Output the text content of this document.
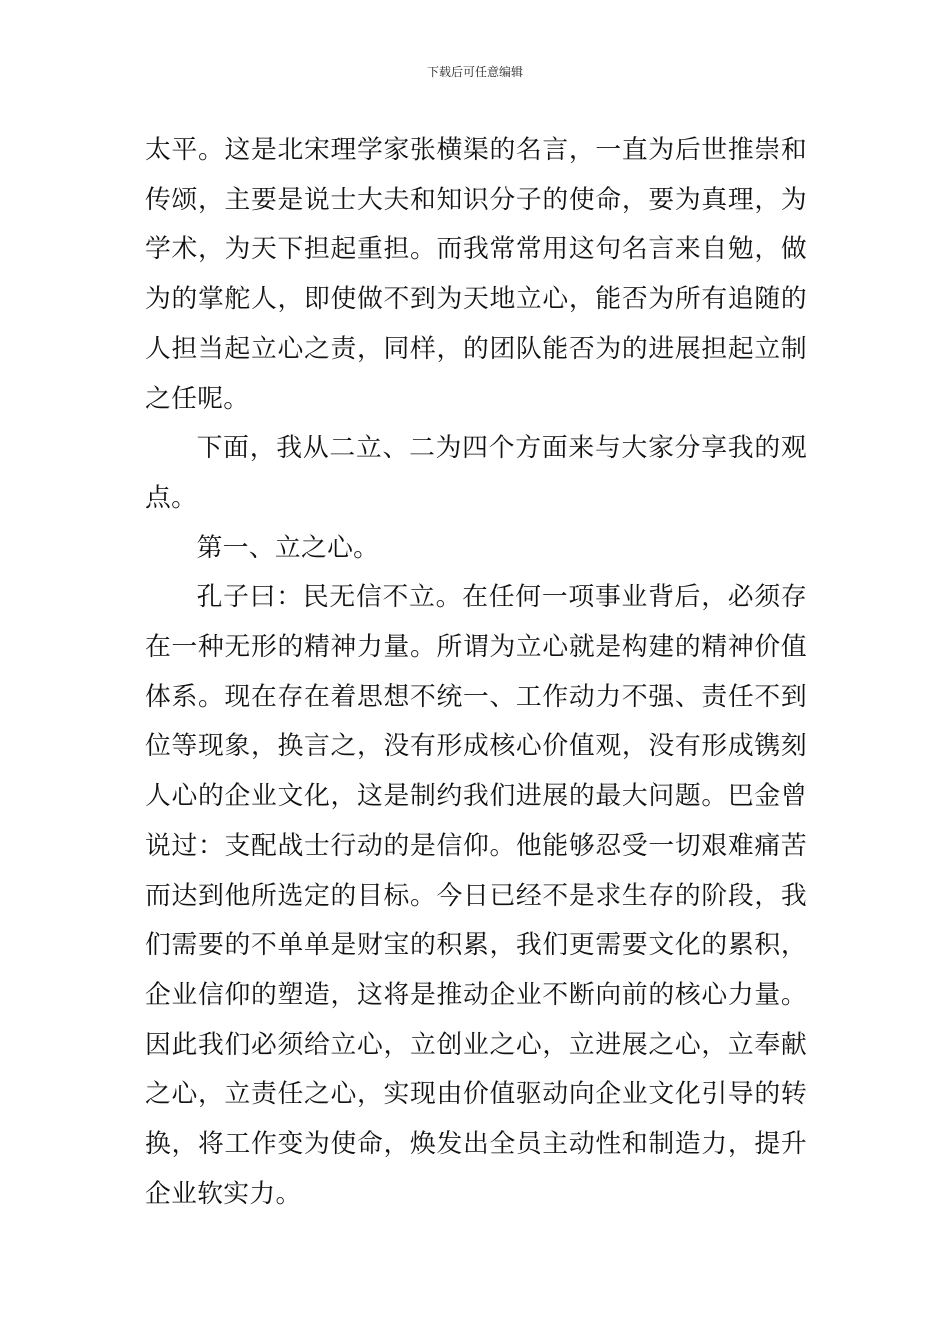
下载后可任意编辑

太平。这是北宋理学家张横渠的名言，一直为后世推崇和传颂，主要是说士大夫和知识分子的使命，要为真理，为学术，为天下担起重担。而我常常用这句名言来自勉，做为的掌舵人，即使做不到为天地立心，能否为所有追随的人担当起立心之责，同样，的团队能否为的进展担起立制之任呢。

下面，我从二立、二为四个方面来与大家分享我的观点。

第一、立之心。

孔子曰：民无信不立。在任何一项事业背后，必须存在一种无形的精神力量。所谓为立心就是构建的精神价值体系。现在存在着思想不统一、工作动力不强、责任不到位等现象，换言之，没有形成核心价值观，没有形成镌刻人心的企业文化，这是制约我们进展的最大问题。巴金曾说过：支配战士行动的是信仰。他能够忍受一切艰难痛苦而达到他所选定的目标。今日已经不是求生存的阶段，我们需要的不单单是财宝的积累，我们更需要文化的累积，企业信仰的塑造，这将是推动企业不断向前的核心力量。因此我们必须给立心，立创业之心，立进展之心，立奉献之心，立责任之心，实现由价值驱动向企业文化引导的转换，将工作变为使命，焕发出全员主动性和制造力，提升企业软实力。
